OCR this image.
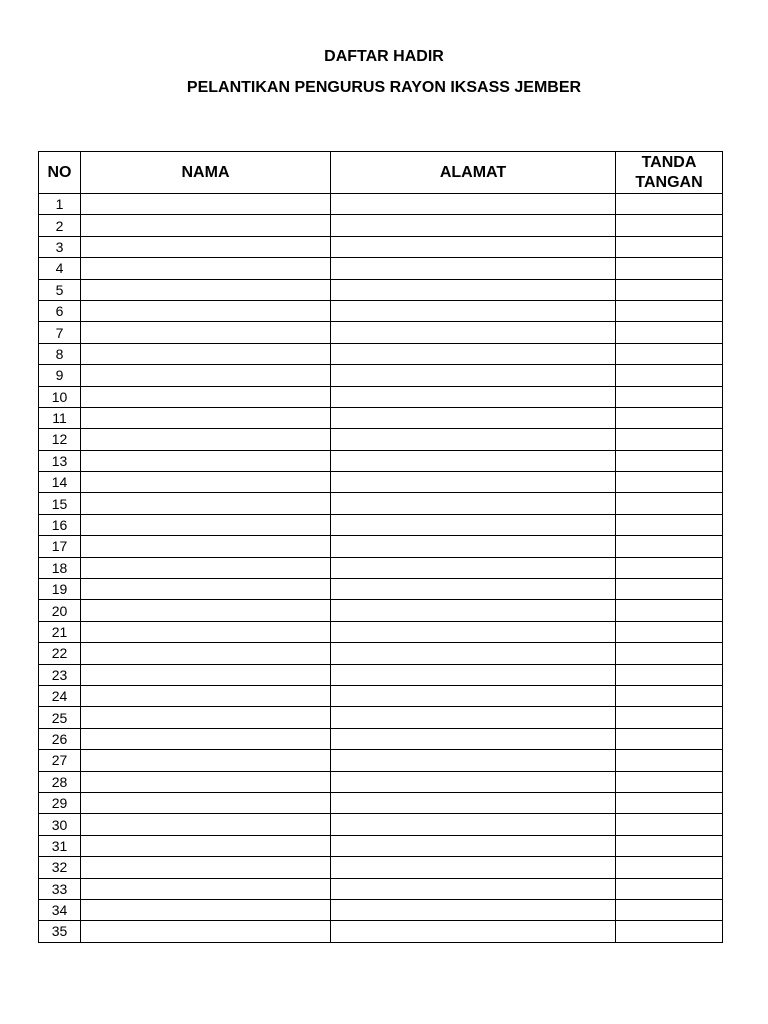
DAFTAR HADIR
PELANTIKAN PENGURUS RAYON IKSASS JEMBER
NO	NAMA	ALAMAT	TANDA
TANGAN
1			
2			
3			
4			
5			
6			
7			
8			
9			
10			
11			
12			
13			
14			
15			
16			
17			
18			
19			
20			
21			
22			
23			
24			
25			
26			
27			
28			
29			
30			
31			
32			
33			
34			
35			
